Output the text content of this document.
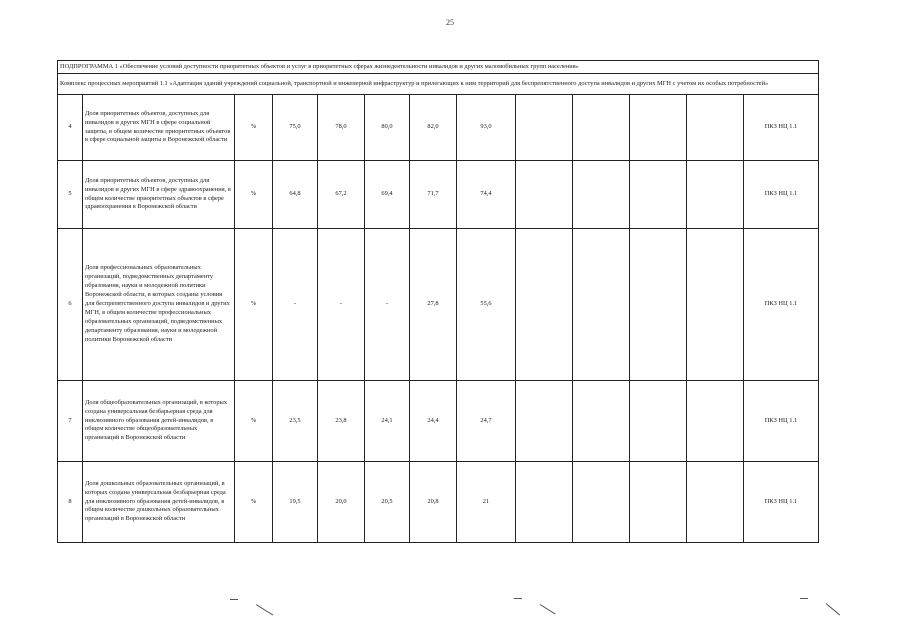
25
ПОДПРОГРАММА 1 «Обеспечение условий доступности приоритетных объектов и услуг в приоритетных сферах жизнедеятельности инвалидов и других маломобильных групп населения»												
Комплекс процессных мероприятий 1.1 «Адаптация зданий учреждений социальной, транспортной и инженерной инфраструктур и прилегающих к ним территорий для беспрепятственного доступа инвалидов и других МГН с учетом их особых потребностей»												
4	Доля приоритетных объектов, доступных для инвалидов и других МГН в сфере социальной защиты, в общем количестве приоритетных объектов в сфере социальной защиты в Воронежской области	%	75,0	78,0	80,0	82,0	93,0					ПКЗ НЦ 1.1
5	Доля приоритетных объектов, доступных для инвалидов и других МГН в сфере здравоохранения, в общем количестве приоритетных объектов в сфере здравоохранения в Воронежской области	%	64,8	67,2	69,4	71,7	74,4					ПКЗ НЦ 1.1
6	Доля профессиональных образовательных организаций, подведомственных департаменту образования, науки и молодежной политики Воронежской области, в которых созданы условия для беспрепятственного доступа инвалидов и других МГН, в общем количестве профессиональных образовательных организаций, подведомственных департаменту образования, науки и молодежной политики Воронежской области	%	-	-	-	27,8	55,6					ПКЗ НЦ 1.1
7	Доля общеобразовательных организаций, в которых создана универсальная безбарьерная среда для инклюзивного образования детей-инвалидов, в общем количестве общеобразовательных организаций в Воронежской области	%	23,5	23,8	24,1	24,4	24,7					ПКЗ НЦ 1.1
8	Доля дошкольных образовательных организаций, в которых создана универсальная безбарьерная среда для инклюзивного образования детей-инвалидов, в общем количестве дошкольных образовательных организаций в Воронежской области	%	19,5	20,0	20,5	20,8	21					ПКЗ НЦ 1.1
